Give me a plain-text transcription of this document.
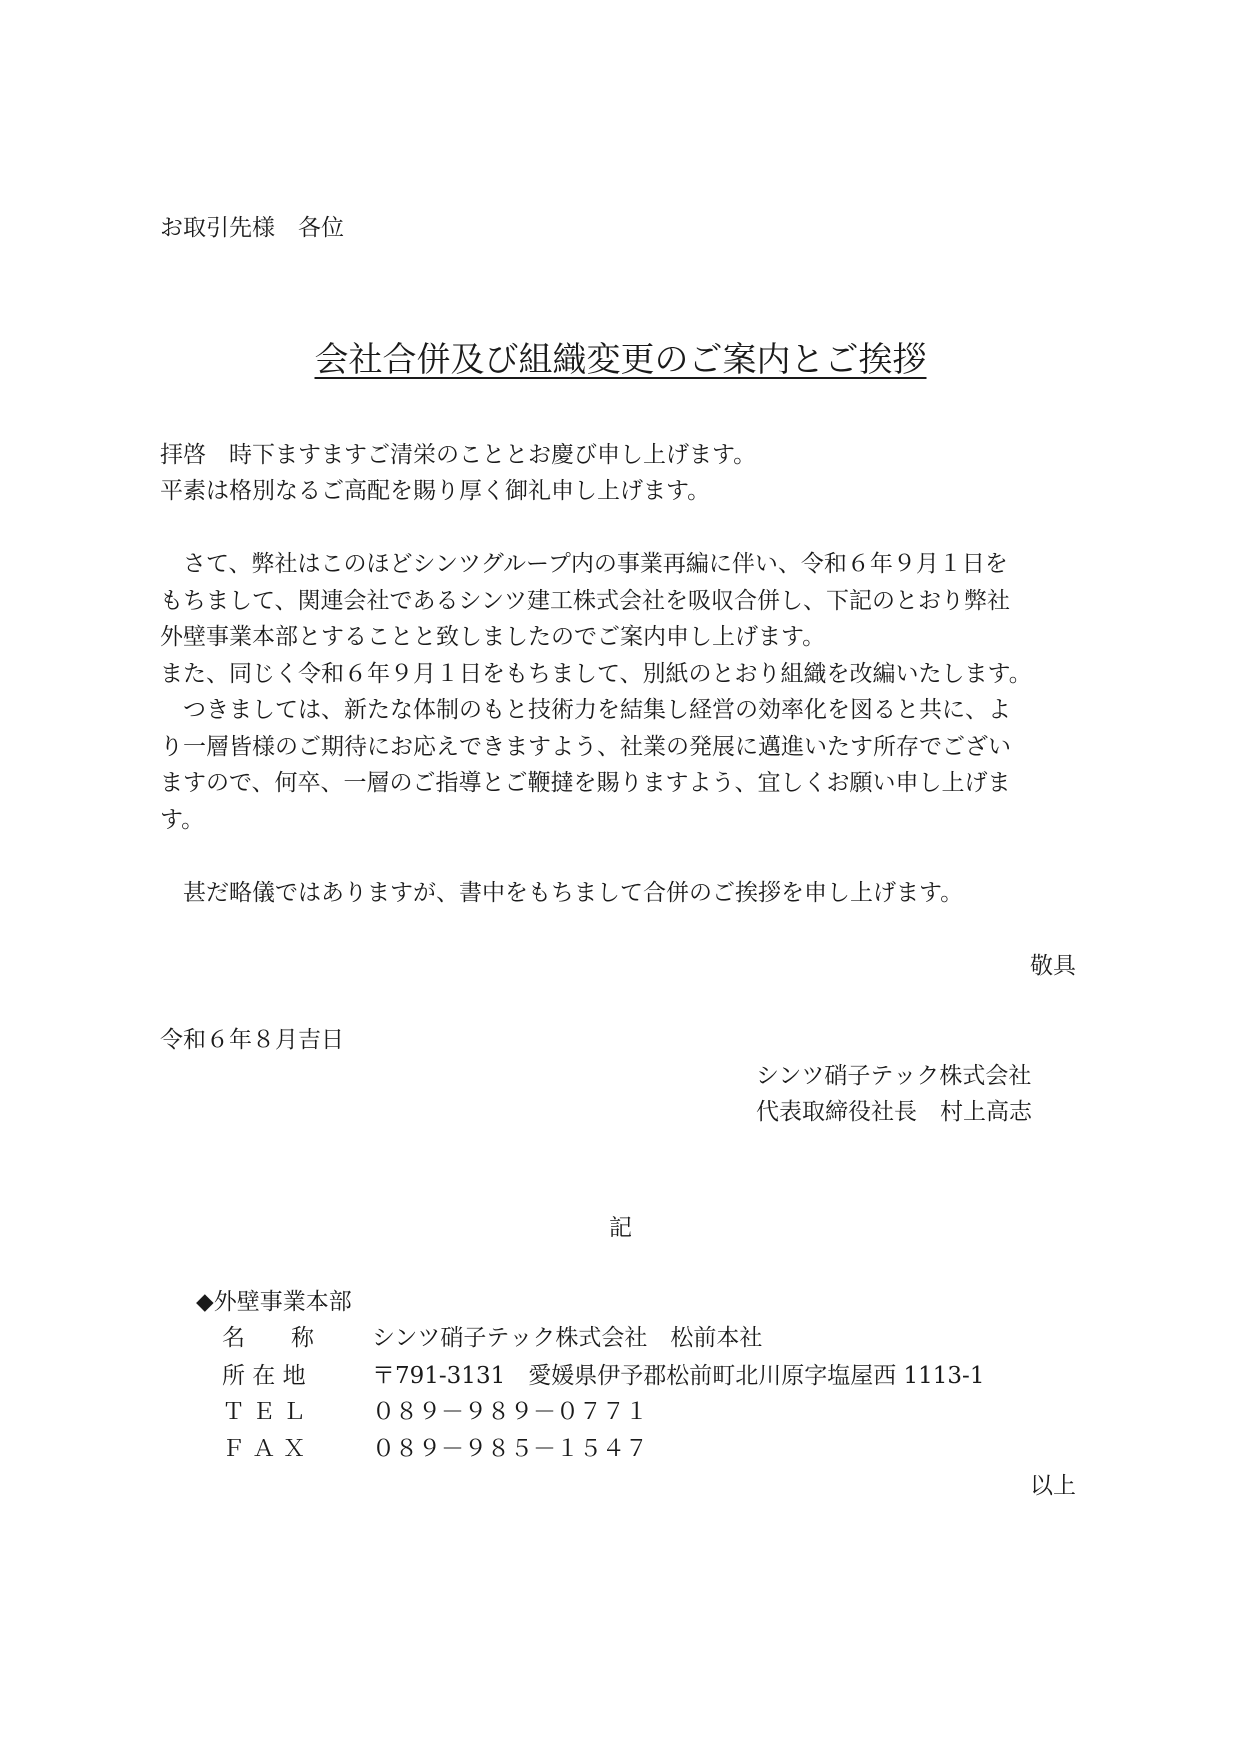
お取引先様　各位
会社合併及び組織変更のご案内とご挨拶
拝啓　時下ますますご清栄のこととお慶び申し上げます。
平素は格別なるご高配を賜り厚く御礼申し上げます。
　さて、弊社はこのほどシンツグループ内の事業再編に伴い、令和６年９月１日を
もちまして、関連会社であるシンツ建工株式会社を吸収合併し、下記のとおり弊社
外壁事業本部とすることと致しましたのでご案内申し上げます。
また、同じく令和６年９月１日をもちまして、別紙のとおり組織を改編いたします。
　つきましては、新たな体制のもと技術力を結集し経営の効率化を図ると共に、よ
り一層皆様のご期待にお応えできますよう、社業の発展に邁進いたす所存でござい
ますので、何卒、一層のご指導とご鞭撻を賜りますよう、宜しくお願い申し上げま
す。
　甚だ略儀ではありますが、書中をもちまして合併のご挨拶を申し上げます。
敬具
令和６年８月吉日
シンツ硝子テック株式会社
代表取締役社長　村上高志
記
◆外壁事業本部
名　　称	シンツ硝子テック株式会社　松前本社
所 在 地	〒791-3131　愛媛県伊予郡松前町北川原字塩屋西 1113-1
Ｔ Ｅ Ｌ	０８９－９８９－０７７１
Ｆ Ａ Ｘ	０８９－９８５－１５４７
以上
